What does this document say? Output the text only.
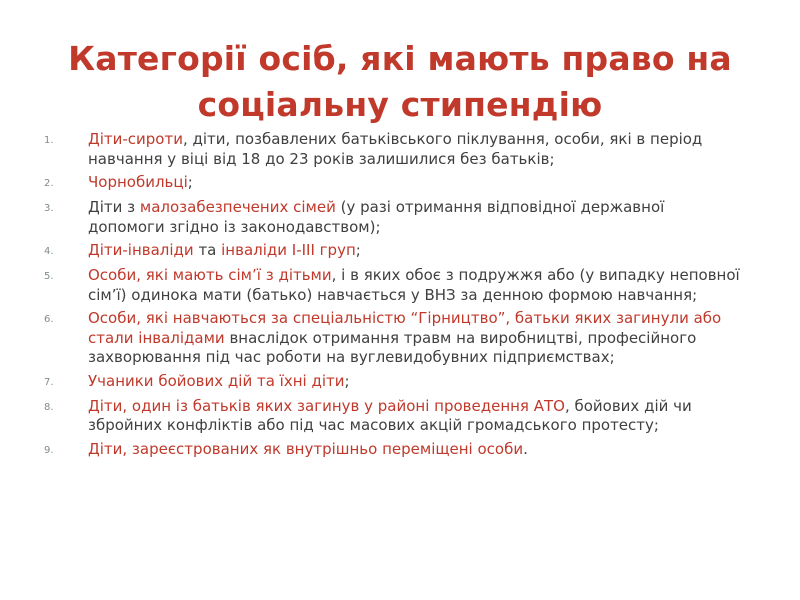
Категорії осіб, які мають право на соціальну стипендію
1.	Діти-сироти, діти, позбавлених батьківського піклування, особи, які в період навчання у віці від 18 до 23 років залишилися без батьків;
2.	Чорнобильці;
3.	Діти з малозабезпечених сімей (у разі отримання відповідної державної допомоги згідно із законодавством);
4.	Діти-інваліди та інваліди І-ІІІ груп;
5.	Особи, які мають сім’ї з дітьми, і в яких обоє з подружжя або (у випадку неповної сім’ї) одинока мати (батько) навчається у ВНЗ за денною формою навчання;
6.	Особи, які навчаються за спеціальністю “Гірництво”, батьки яких загинули або стали інвалідами внаслідок отримання травм на виробництві, професійного захворювання під час роботи на вуглевидобувних підприємствах;
7.	Учаники бойових дій та їхні діти;
8.	Діти, один із батьків яких загинув у районі проведення АТО, бойових дій чи збройних конфліктів або під час масових акцій громадського протесту;
9.	Діти, зареєстрованих як внутрішньо переміщені особи.
